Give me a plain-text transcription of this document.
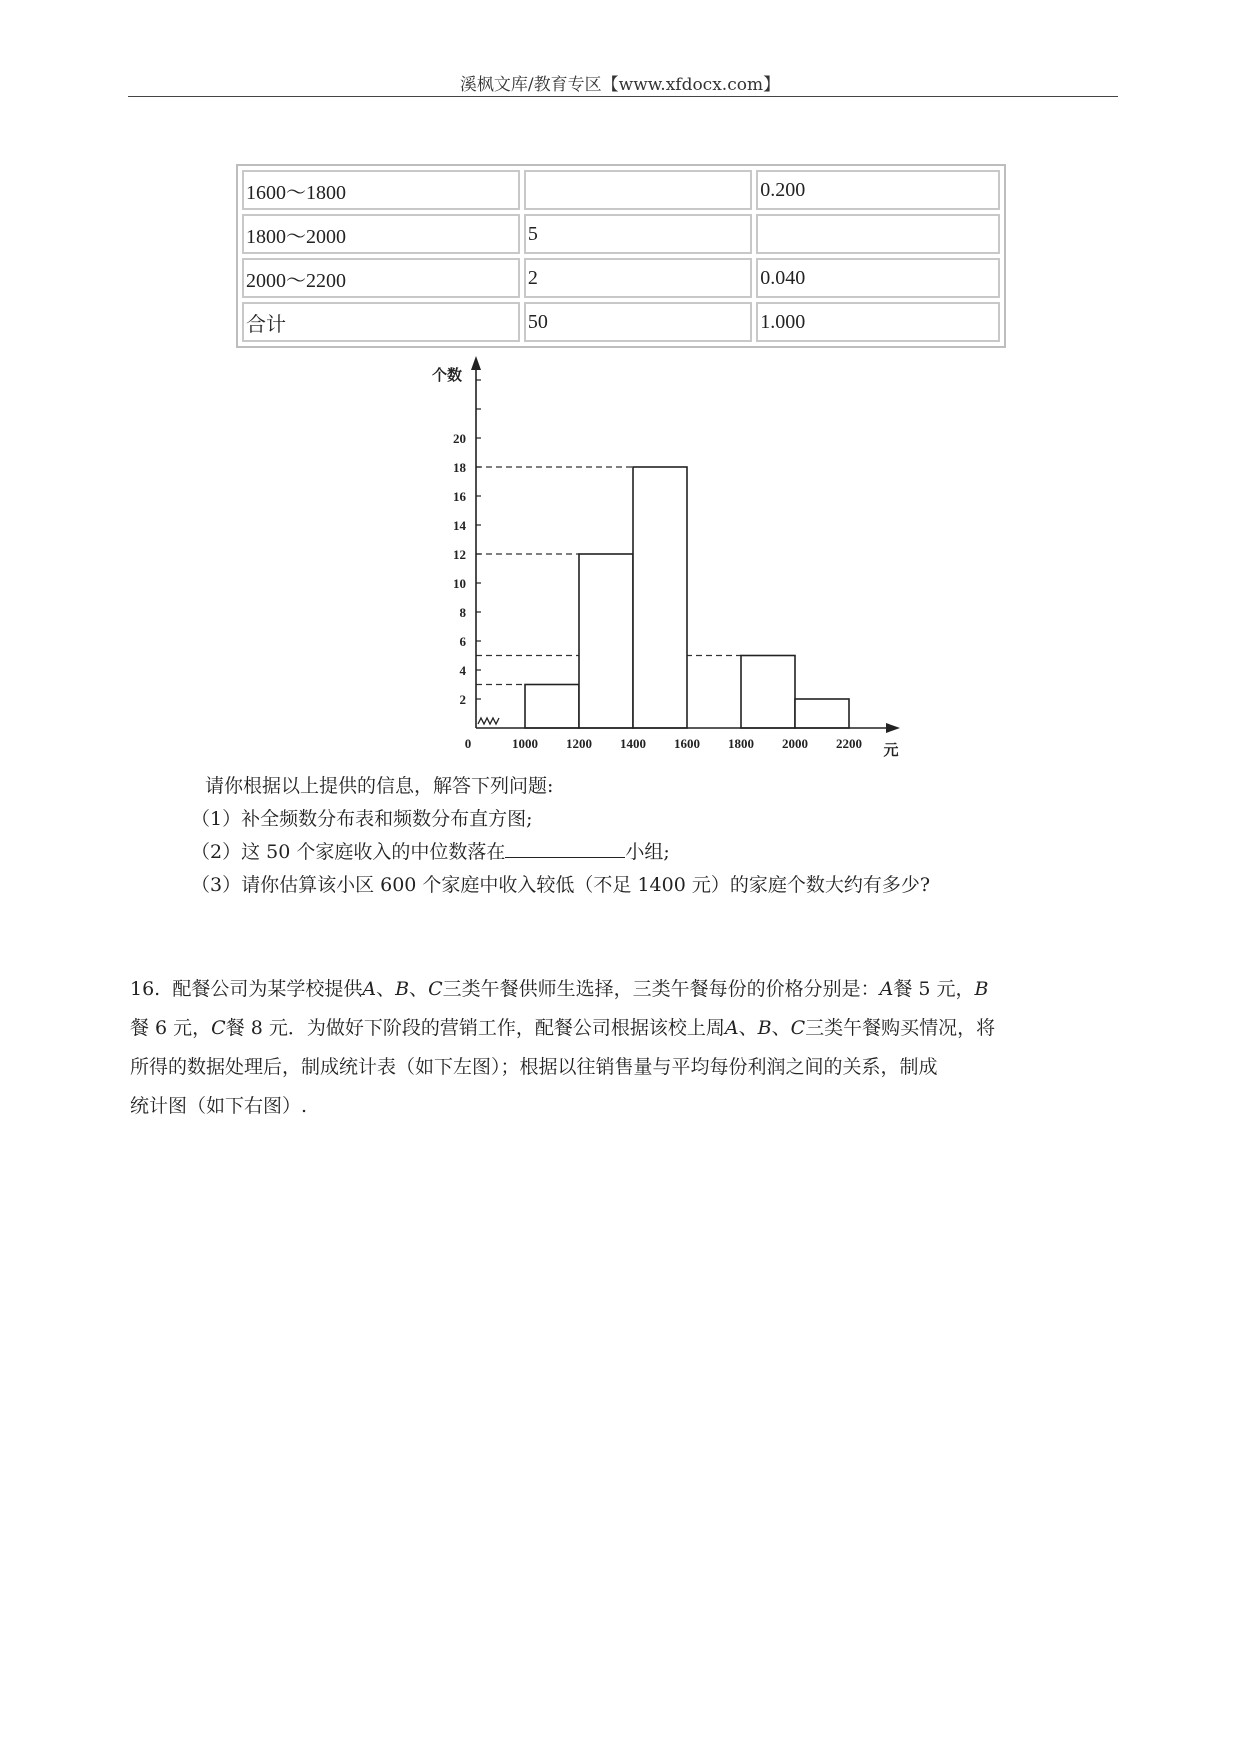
溪枫文库/教育专区【www.xfdocx.com】
1600～1800		0.200
1800～2000	5	
2000～2200	2	0.040
合计	50	1.000
2
4
6
8
10
12
14
16
18
20
1000 1200 1400 1600 1800 2000 2200
个数
元
0

请你根据以上提供的信息，解答下列问题:

（1）补全频数分布表和频数分布直方图;

（2）这 50 个家庭收入的中位数落在	小组;

（3）请你估算该小区 600 个家庭中收入较低（不足 1400 元）的家庭个数大约有多少?

16. 配餐公司为某学校提供A、B、C三类午餐供师生选择，三类午餐每份的价格分别是：A餐 5 元，B

餐 6 元，C餐 8 元．为做好下阶段的营销工作，配餐公司根据该校上周A、B、C三类午餐购买情况，将

所得的数据处理后，制成统计表（如下左图）；根据以往销售量与平均每份利润之间的关系，制成

统计图（如下右图）.
